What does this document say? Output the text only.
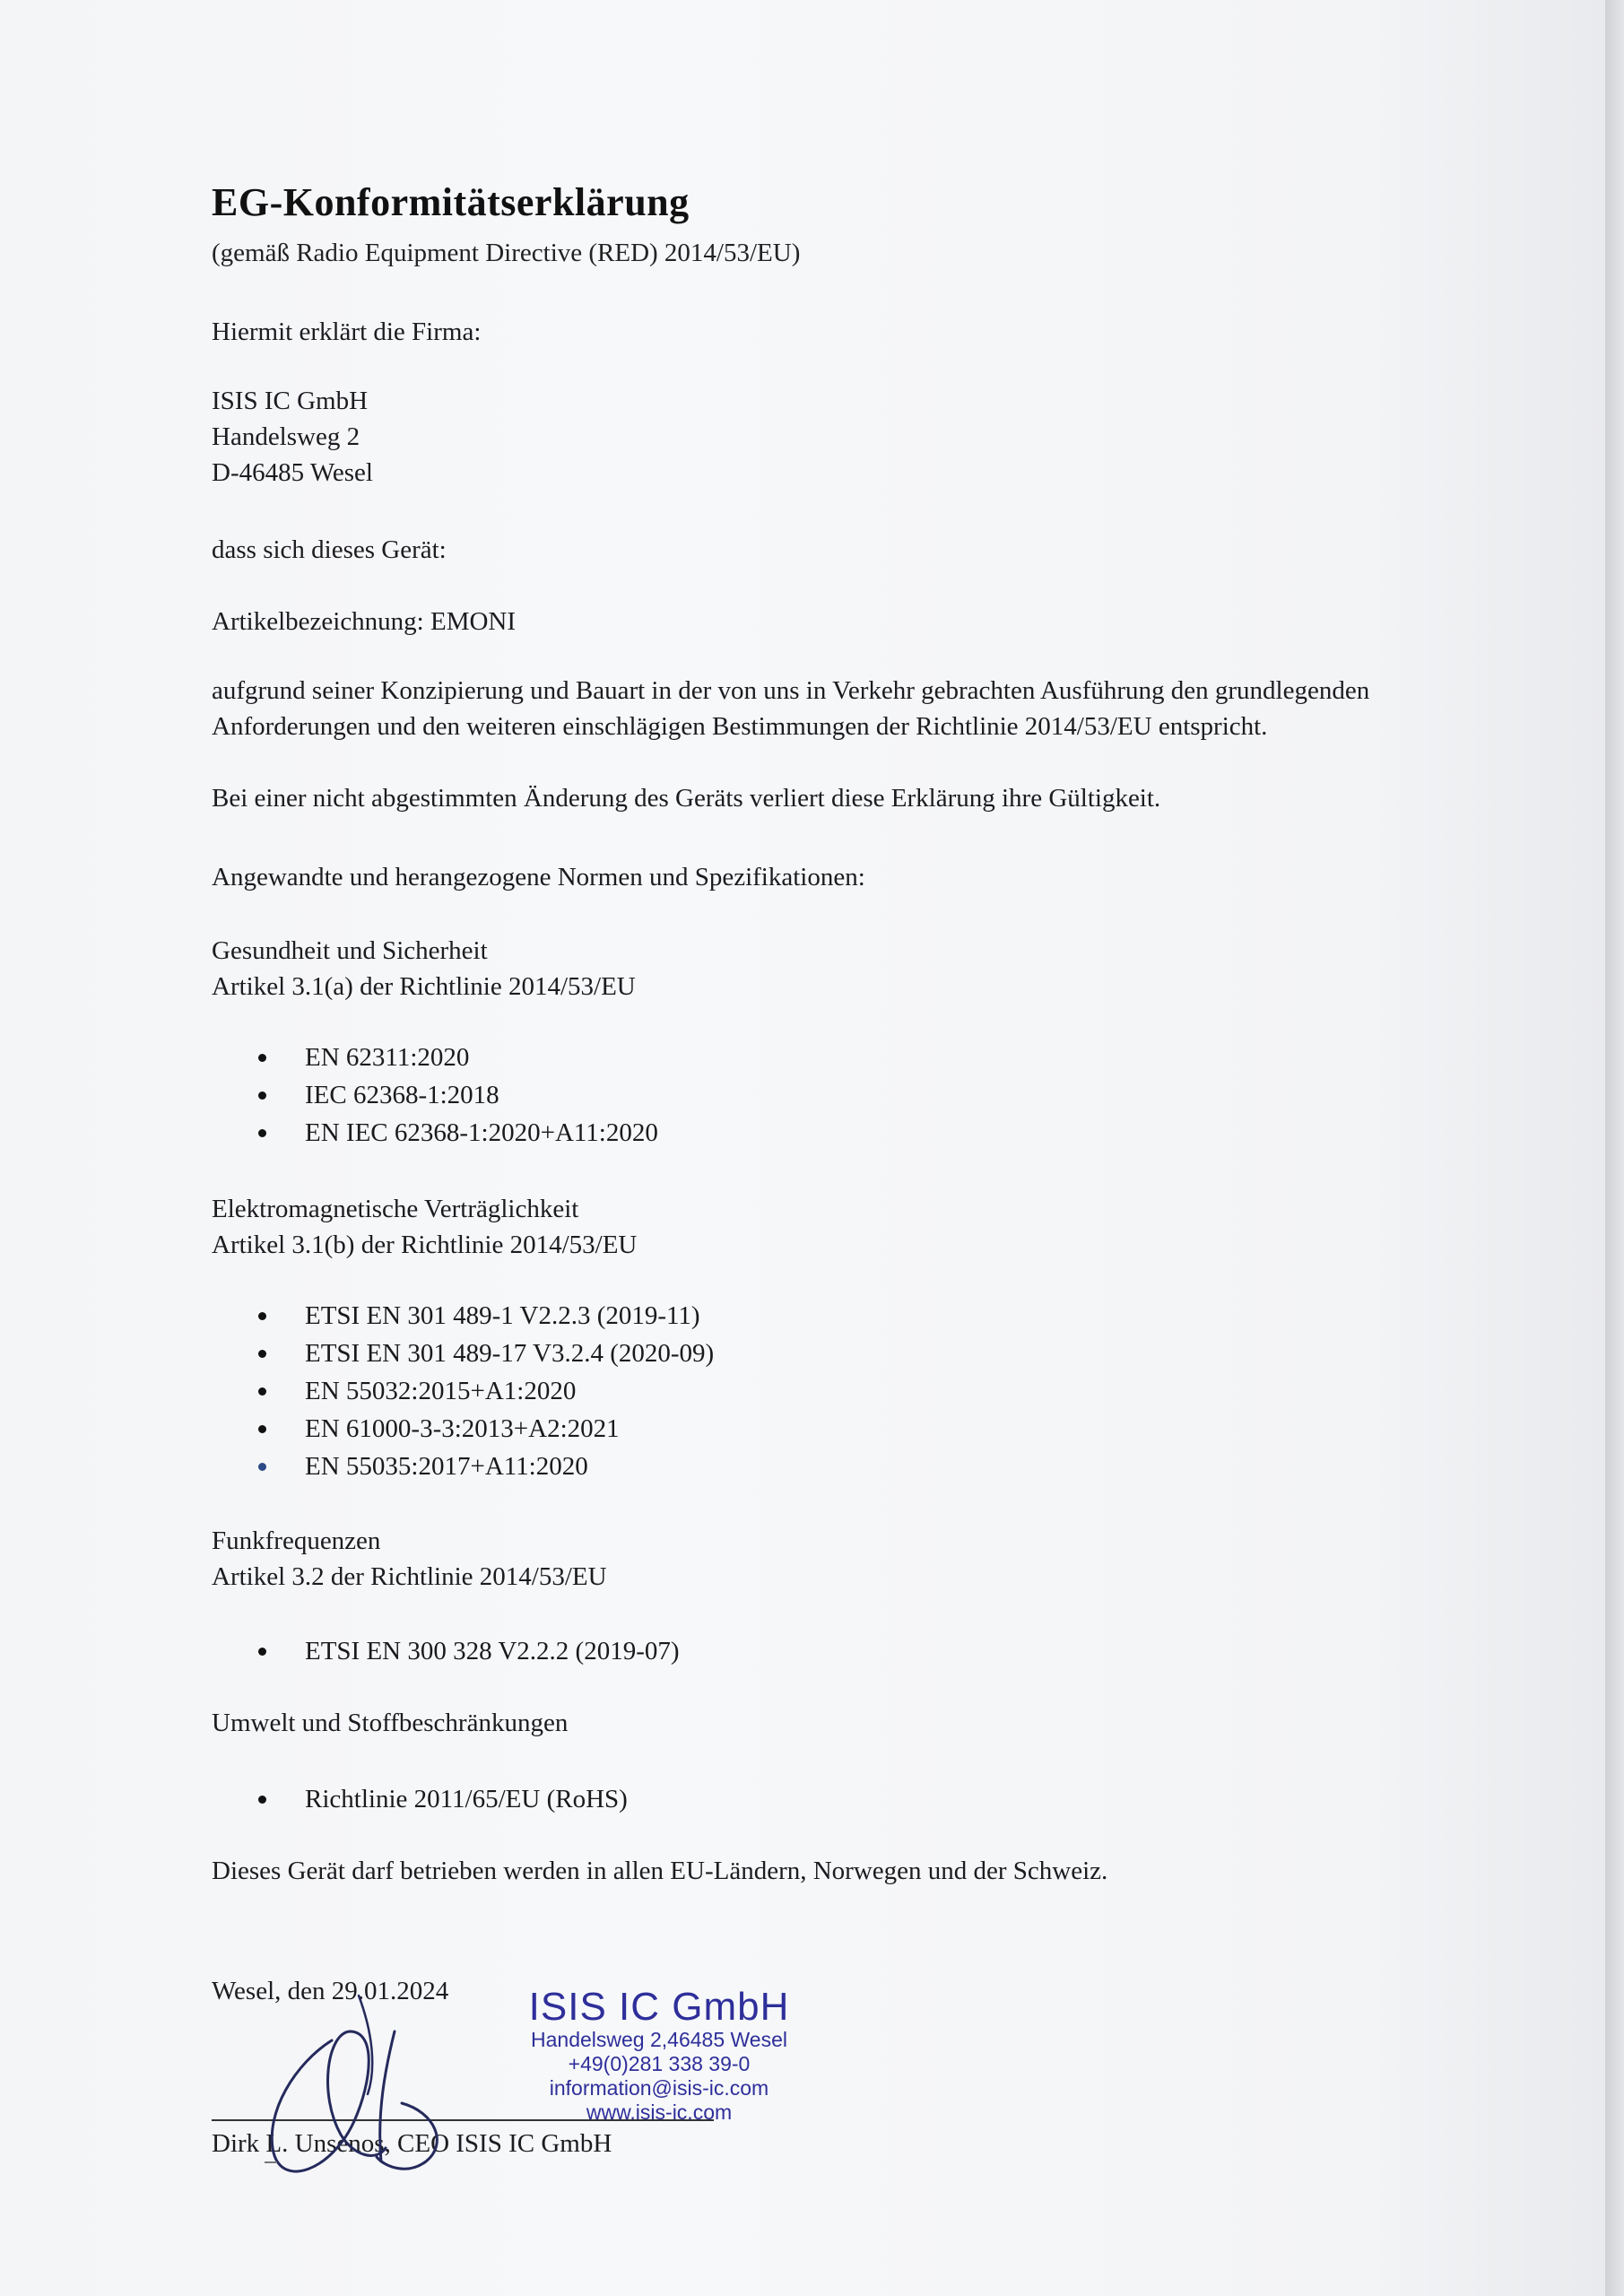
EG-Konformitätserklärung
(gemäß Radio Equipment Directive (RED) 2014/53/EU)
Hiermit erklärt die Firma:
ISIS IC GmbH
Handelsweg 2
D-46485 Wesel
dass sich dieses Gerät:
Artikelbezeichnung: EMONI
aufgrund seiner Konzipierung und Bauart in der von uns in Verkehr gebrachten Ausführung den grundlegenden Anforderungen und den weiteren einschlägigen Bestimmungen der Richtlinie 2014/53/EU entspricht.
Bei einer nicht abgestimmten Änderung des Geräts verliert diese Erklärung ihre Gültigkeit.
Angewandte und herangezogene Normen und Spezifikationen:
Gesundheit und Sicherheit
Artikel 3.1(a) der Richtlinie 2014/53/EU
EN 62311:2020
IEC 62368-1:2018
EN IEC 62368-1:2020+A11:2020
Elektromagnetische Verträglichkeit
Artikel 3.1(b) der Richtlinie 2014/53/EU
ETSI EN 301 489-1 V2.2.3 (2019-11)
ETSI EN 301 489-17 V3.2.4 (2020-09)
EN 55032:2015+A1:2020
EN 61000-3-3:2013+A2:2021
EN 55035:2017+A11:2020
Funkfrequenzen
Artikel 3.2 der Richtlinie 2014/53/EU
ETSI EN 300 328 V2.2.2 (2019-07)
Umwelt und Stoffbeschränkungen
Richtlinie 2011/65/EU (RoHS)
Dieses Gerät darf betrieben werden in allen EU-Ländern, Norwegen und der Schweiz.
Wesel, den 29.01.2024
Dirk L. Unsenos, CEO ISIS IC GmbH
ISIS IC GmbH
Handelsweg 2,46485 Wesel
+49(0)281 338 39-0
information@isis-ic.com
www.isis-ic.com
